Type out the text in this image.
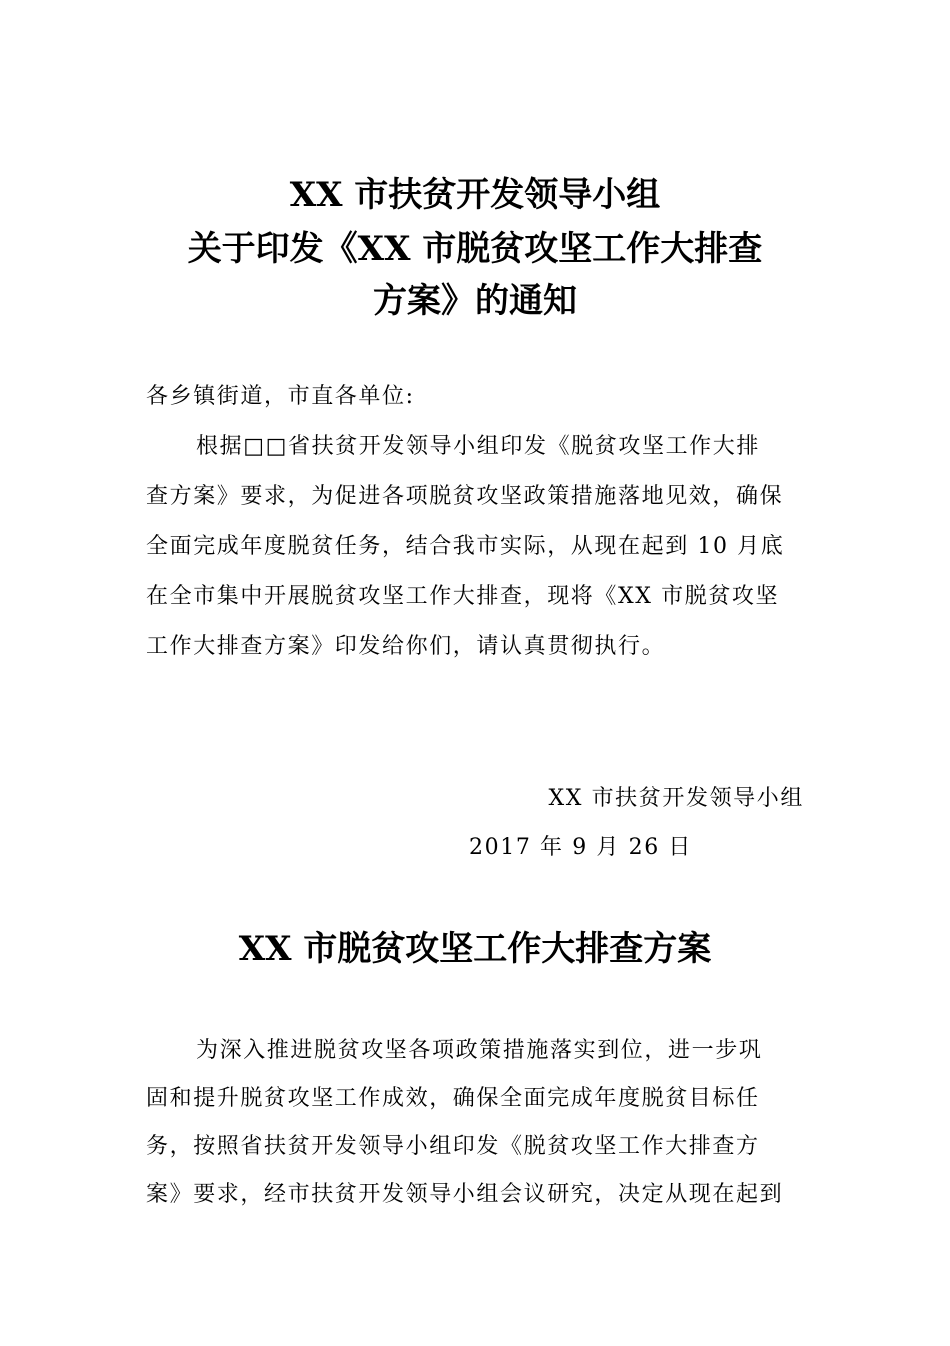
XX 市扶贫开发领导小组
关于印发《XX 市脱贫攻坚工作大排查
方案》的通知
各乡镇街道，市直各单位:
根据□□省扶贫开发领导小组印发《脱贫攻坚工作大排
查方案》要求，为促进各项脱贫攻坚政策措施落地见效，确保
全面完成年度脱贫任务，结合我市实际，从现在起到 10 月底
在全市集中开展脱贫攻坚工作大排查，现将《XX 市脱贫攻坚
工作大排查方案》印发给你们，请认真贯彻执行。
XX 市扶贫开发领导小组
2017 年 9 月 26 日
XX 市脱贫攻坚工作大排查方案
为深入推进脱贫攻坚各项政策措施落实到位，进一步巩
固和提升脱贫攻坚工作成效，确保全面完成年度脱贫目标任
务，按照省扶贫开发领导小组印发《脱贫攻坚工作大排查方
案》要求，经市扶贫开发领导小组会议研究，决定从现在起到
